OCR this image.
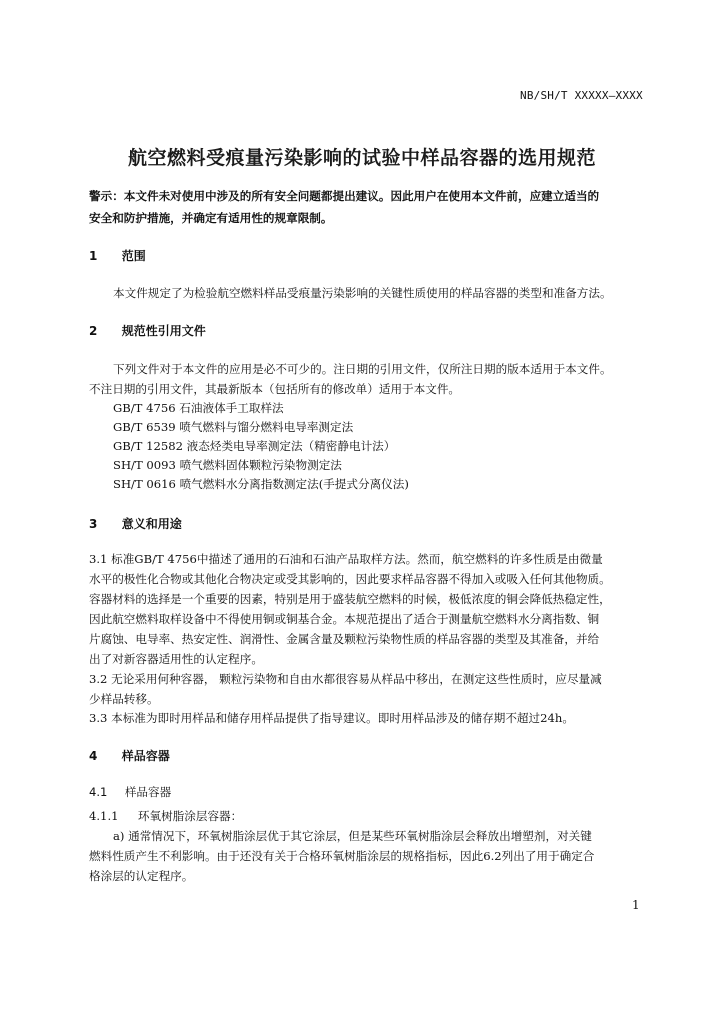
NB/SH/T XXXXX—XXXX
航空燃料受痕量污染影响的试验中样品容器的选用规范
警示：本文件未对使用中涉及的所有安全问题都提出建议。因此用户在使用本文件前，应建立适当的
安全和防护措施，并确定有适用性的规章限制。
1 范围
本文件规定了为检验航空燃料样品受痕量污染影响的关键性质使用的样品容器的类型和准备方法。
2 规范性引用文件
下列文件对于本文件的应用是必不可少的。注日期的引用文件，仅所注日期的版本适用于本文件。
不注日期的引用文件，其最新版本（包括所有的修改单）适用于本文件。
GB/T 4756 石油液体手工取样法
GB/T 6539 喷气燃料与馏分燃料电导率测定法
GB/T 12582 液态烃类电导率测定法（精密静电计法）
SH/T 0093 喷气燃料固体颗粒污染物测定法
SH/T 0616 喷气燃料水分离指数测定法(手提式分离仪法)
3 意义和用途
3.1 标准GB/T 4756中描述了通用的石油和石油产品取样方法。然而，航空燃料的许多性质是由微量
水平的极性化合物或其他化合物决定或受其影响的，因此要求样品容器不得加入或吸入任何其他物质。
容器材料的选择是一个重要的因素，特别是用于盛装航空燃料的时候，极低浓度的铜会降低热稳定性，
因此航空燃料取样设备中不得使用铜或铜基合金。本规范提出了适合于测量航空燃料水分离指数、铜
片腐蚀、电导率、热安定性、润滑性、金属含量及颗粒污染物性质的样品容器的类型及其准备，并给
出了对新容器适用性的认定程序。
3.2 无论采用何种容器， 颗粒污染物和自由水都很容易从样品中移出，在测定这些性质时，应尽量减
少样品转移。
3.3 本标准为即时用样品和储存用样品提供了指导建议。即时用样品涉及的储存期不超过24h。
4 样品容器
4.1 样品容器
4.1.1 环氧树脂涂层容器：
a) 通常情况下，环氧树脂涂层优于其它涂层，但是某些环氧树脂涂层会释放出增塑剂，对关键
燃料性质产生不利影响。由于还没有关于合格环氧树脂涂层的规格指标，因此6.2列出了用于确定合
格涂层的认定程序。
1
